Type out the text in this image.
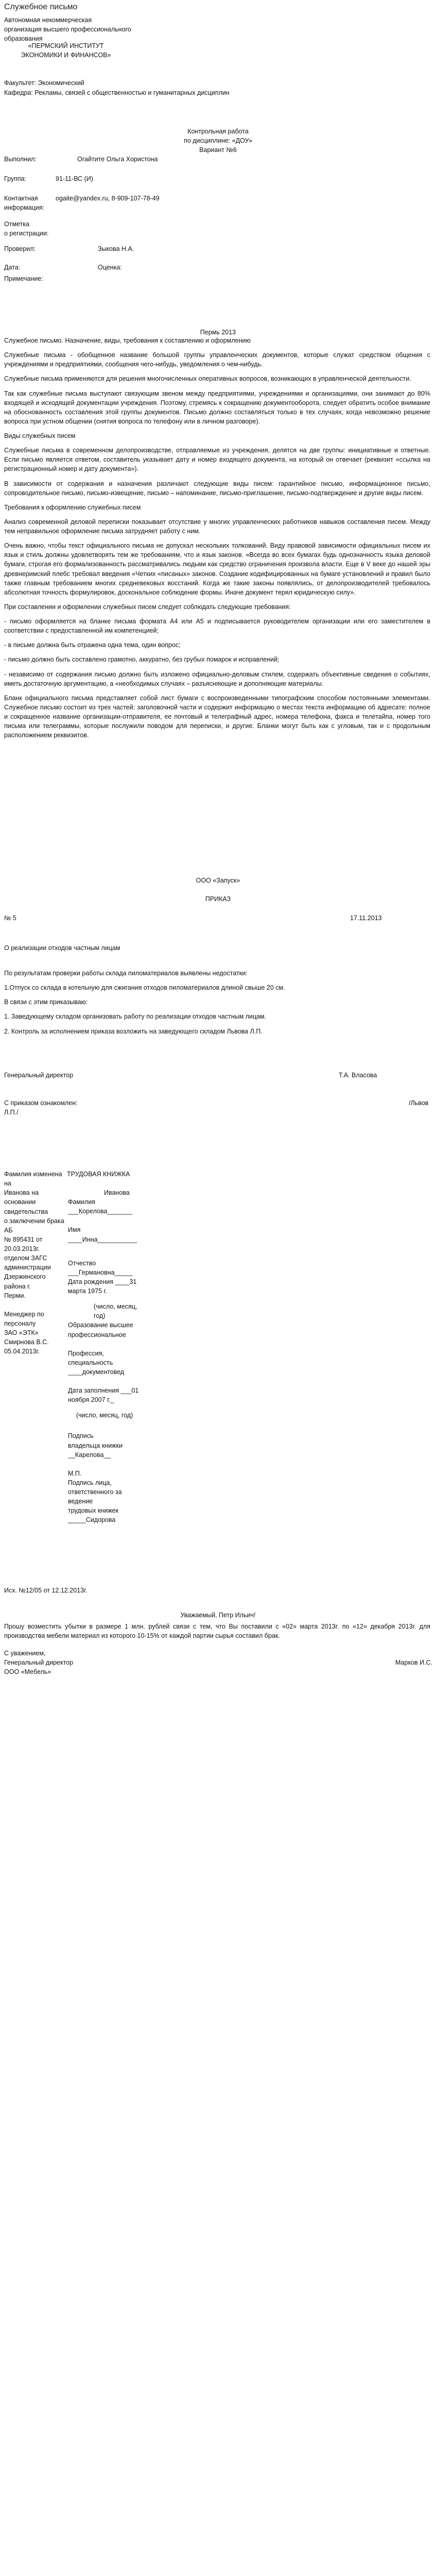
Служебное письмо

Автономная некоммерческая

организация высшего профессионального

образования

«ПЕРМСКИЙ ИНСТИТУТ

ЭКОНОМИКИ И ФИНАНСОВ»

Факультет: Экономический
Кафедра: Рекламы, связей с общественностью и гуманитарных дисциплин

Контрольная работа

по дисциплине: «ДОУ»

Вариант №6

Выполнил:	Огайтите Ольга Хористона
Группа:	91-11-ВС (И)

Контактная

информация:

ogaite@yandex.ru, 8-909-107-78-49

Отметка

о регистрации:

Проверил:	Зыкова Н.А.
Дата:	Оценка:
Примечание:
Пермь 2013

Служебное письмо. Назначение, виды, требования к составлению и оформлению

Служебные письма - обобщенное название большой группы управленческих документов, которые служат средством общения с учреждениями и предприятиями, сообщения чего-нибудь, уведомления о чем-нибудь.

Служебные письма применяются для решения многочисленных оперативных вопросов, возникающих в управленческой деятельности.

Так как служебные письма выступают связующим звеном между предприятиями, учреждениями и организациями, они занимают до 80% входящей и исходящей документации учреждения. Поэтому, стремясь к сокращению документооборота, следует обратить особое внимание на обоснованность составления этой группы документов. Письмо должно составляться только в тех случаях, когда невозможно решение вопроса при устном общении (снятия вопроса по телефону или в личном разговоре).

Виды служебных писем

Служебные письма в современном делопроизводстве, отправляемые из учреждения, делятся на две группы: инициативные и ответные. Если письмо является ответом, составитель указывает дату и номер входящего документа, на который он отвечает (реквизит «ссылка на регистрационный номер и дату документа»).

В зависимости от содержания и назначения различают следующие виды писем: гарантийное письмо, информационное письмо, сопроводительное письмо, письмо-извещение, письмо – напоминание, письмо-приглашение, письмо-подтверждение и другие виды писем.

Требования к оформлению служебных писем

Анализ современной деловой переписки показывает отсутствие у многих управленческих работников навыков составления писем. Между тем неправильное оформление письма затрудняет работу с ним.

Очень важно, чтобы текст официального письма не допускал нескольких толкований. Виду правовой зависимости официальных писем их язык и стиль должны удовлетворять тем же требованиям, что и язык законов. «Всегда во всех бумагах будь однозначность языка деловой бумаги, строгая его формализованность рассматривались людьми как средство ограничения произвола власти. Еще в V веке до нашей эры древнеримский плебс требовал введения «Четких «писаных» законов. Создание кодифицированных на бумаге установлений и правил было также главным требованием многих средневековых восстаний. Когда же такие законы появлялись, от делопроизводителей требовалось абсолютная точность формулировок, доскональное соблюдение формы. Иначе документ терял юридическую силу».

При составлении и оформлении служебных писем следует соблюдать следующие требования:

- письмо оформляется на бланке письма формата А4 или А5 и подписывается руководителем организации или его заместителем в соответствии с предоставленной им компетенцией;

- в письме должна быть отражена одна тема, один вопрос;

- письмо должно быть составлено грамотно, аккуратно, без грубых помарок и исправлений;

- независимо от содержания письмо должно быть изложено официально-деловым стилем, содержать объективные сведения о событиях, иметь достаточную аргументацию, а «необходимых случаях – разъясняющие и дополняющие материалы.

Бланк официального письма представляет собой лист бумаги с воспроизведенными типографским способом постоянными элементами. Служебное письмо состоит из трех частей: заголовочной части и содержит информацию о местах текста информацию об адресате: полное и сокращенное название организации-отправителя, ее почтовый и телеграфный адрес, номера телефона, факса и телетайпа, номер того письма или телеграммы, которые послужили поводом для переписки, и другие. Бланки могут быть как с угловым, так и с продольным расположением реквизитов.

ООО «Запуск»
ПРИКАЗ
№ 5	17.11.2013
О реализации отходов частным лицам

По результатам проверки работы склада пиломатериалов выявлены недостатки:

1.Отпуск со склада в котельную для сжигания отходов пиломатериалов длиной свыше 20 см.

В связи с этим приказываю:

1. Заведующему складом организовать работу по реализации отходов частным лицам.

2. Контроль за исполнением приказа возложить на заведующего складом Львова Л.П.

Генеральный директор	Т.А. Власова
С приказом ознакомлен:	/Львов
Л.П./

Фамилия изменена на

Иванова на

основании свидетельства

о заключении брака АБ

№ 895431 от 20.03.2013г.

отделом ЗАГС

администрации

Дзержинского района г.

Перми.

Менеджер по персоналу

ЗАО «ЭТК»

Смирнова В.С.

05.04.2013г.

ТРУДОВАЯ КНИЖКА

Иванова

Фамилия ___Корелова_______

Имя ____Инна___________

Отчество

___Германовна_____

Дата рождения ____31

марта 1975 г.

(число, месяц, год)

Образование высшее

профессиональное

Профессия, специальность

____документовед

Дата заполнения ___01

ноября 2007 г._

(число, месяц, год)

Подпись

владельца книжки

__Карелова__

М.П.

Подпись лица,

ответственного за

ведение

трудовых книжек

_____Сидорова

Исх. №12/05 от 12.12.2013г.
Уважаемый, Петр Ильич!
Прошу возместить убытки в размере 1 млн. рублей связи с тем, что Вы поставили с «02» марта 2013г. по «12» декабря 2013г. для производства мебели материал из которого 10-15% от каждой партии сырья составил брак.
С уважением,
Генеральный директор	Марков И.С.
ООО «Мебель»
